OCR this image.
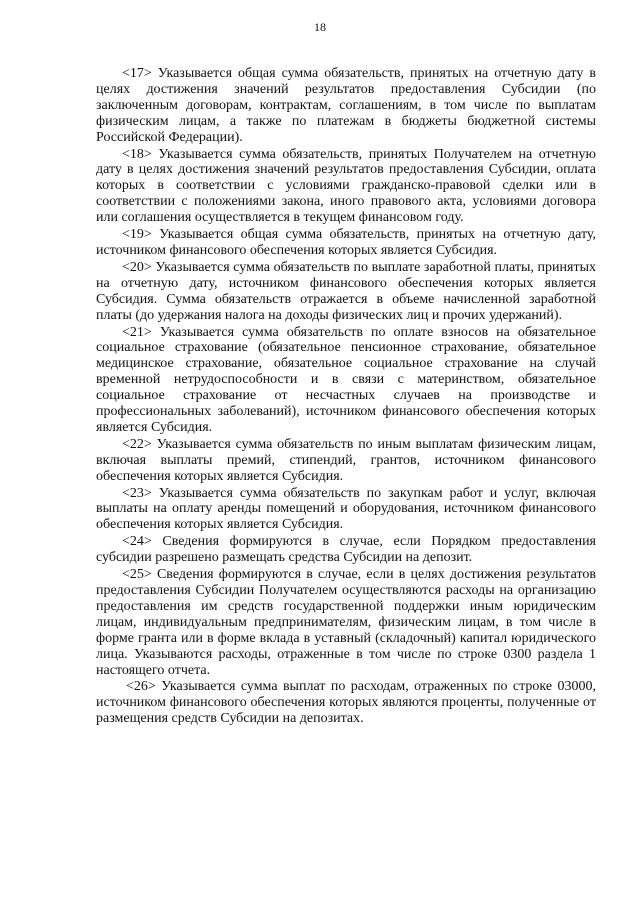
18

<17> Указывается общая сумма обязательств, принятых на отчетную дату в целях достижения значений результатов предоставления Субсидии (по заключенным договорам, контрактам, соглашениям, в том числе по выплатам физическим лицам, а также по платежам в бюджеты бюджетной системы Российской Федерации).

<18> Указывается сумма обязательств, принятых Получателем на отчетную дату в целях достижения значений результатов предоставления Субсидии, оплата которых в соответствии с условиями гражданско-правовой сделки или в соответствии с положениями закона, иного правового акта, условиями договора или соглашения осуществляется в текущем финансовом году.

<19> Указывается общая сумма обязательств, принятых на отчетную дату, источником финансового обеспечения которых является Субсидия.

<20> Указывается сумма обязательств по выплате заработной платы, принятых на отчетную дату, источником финансового обеспечения которых является Субсидия. Сумма обязательств отражается в объеме начисленной заработной платы (до удержания налога на доходы физических лиц и прочих удержаний).

<21> Указывается сумма обязательств по оплате взносов на обязательное социальное страхование (обязательное пенсионное страхование, обязательное медицинское страхование, обязательное социальное страхование на случай временной нетрудоспособности и в связи с материнством, обязательное социальное страхование от несчастных случаев на производстве и профессиональных заболеваний), источником финансового обеспечения которых является Субсидия.

<22> Указывается сумма обязательств по иным выплатам физическим лицам, включая выплаты премий, стипендий, грантов, источником финансового обеспечения которых является Субсидия.

<23> Указывается сумма обязательств по закупкам работ и услуг, включая выплаты на оплату аренды помещений и оборудования, источником финансового обеспечения которых является Субсидия.

<24> Сведения формируются в случае, если Порядком предоставления субсидии разрешено размещать средства Субсидии на депозит.

<25> Сведения формируются в случае, если в целях достижения результатов предоставления Субсидии Получателем осуществляются расходы на организацию предоставления им средств государственной поддержки иным юридическим лицам, индивидуальным предпринимателям, физическим лицам, в том числе в форме гранта или в форме вклада в уставный (складочный) капитал юридического лица. Указываются расходы, отраженные в том числе по строке 0300 раздела 1 настоящего отчета.

<26> Указывается сумма выплат по расходам, отраженных по строке 03000, источником финансового обеспечения которых являются проценты, полученные от размещения средств Субсидии на депозитах.
